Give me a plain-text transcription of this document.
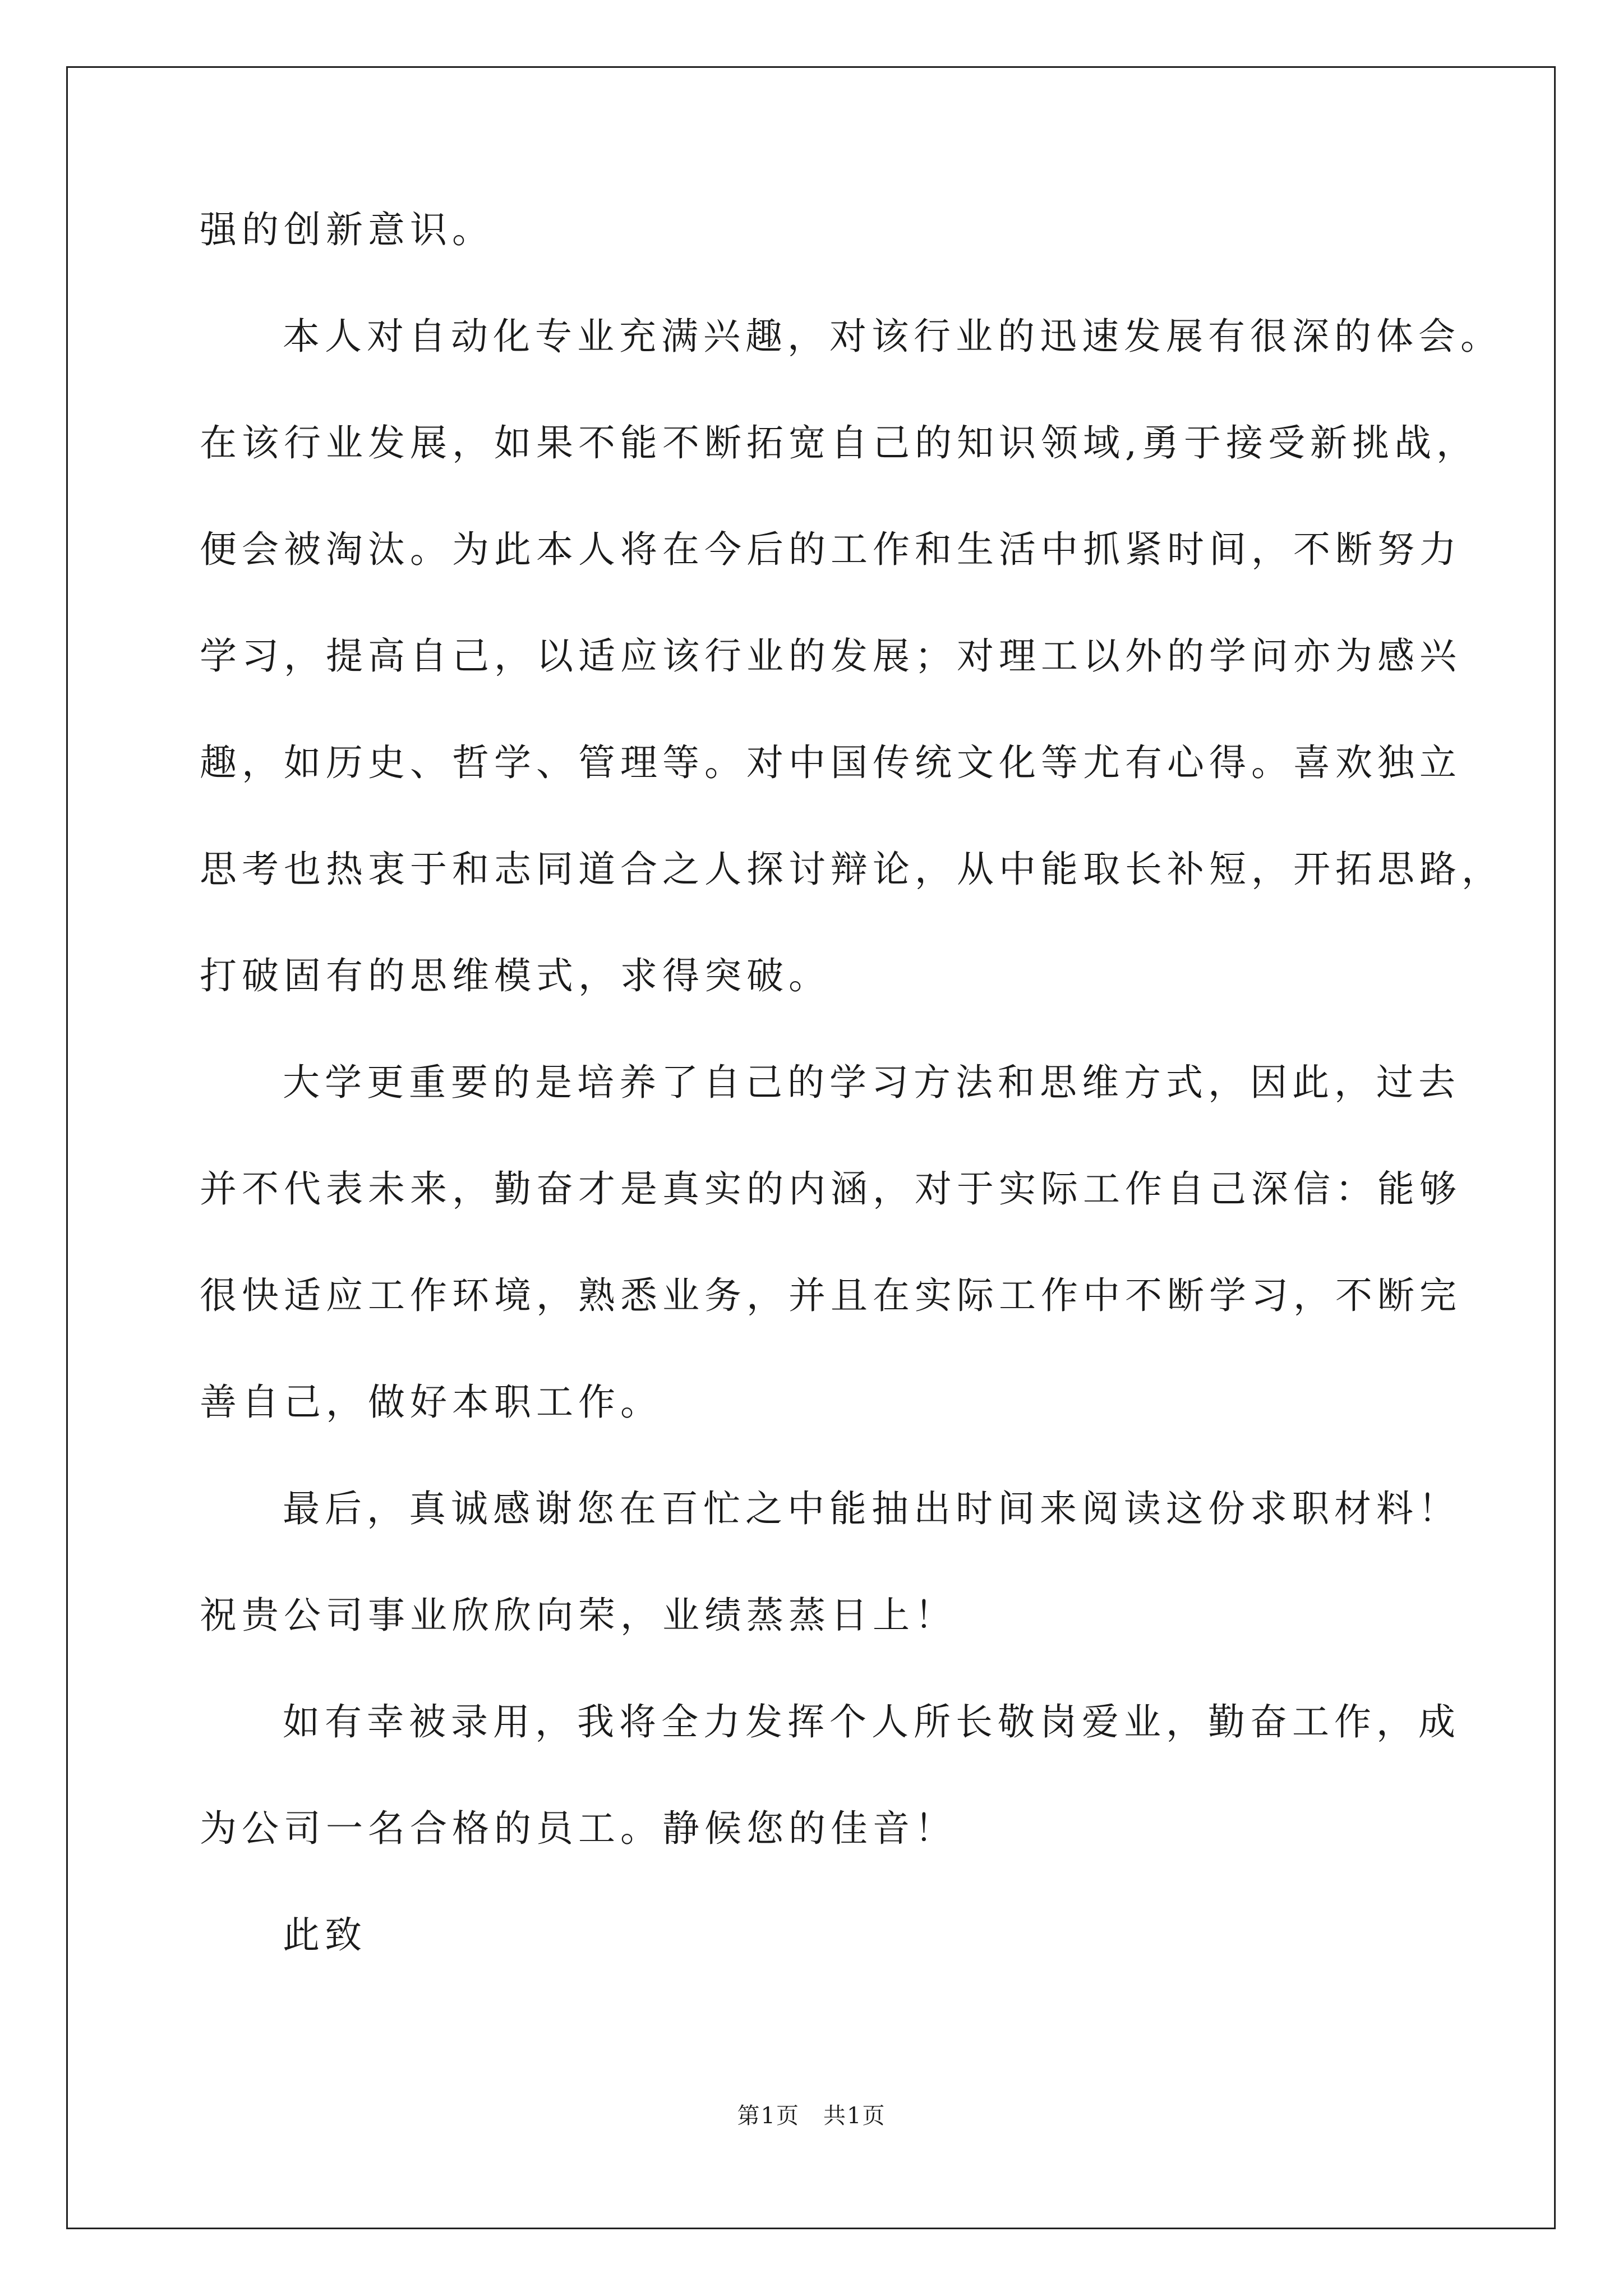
强的创新意识。
本人对自动化专业充满兴趣，对该行业的迅速发展有很深的体会。
在该行业发展，如果不能不断拓宽自己的知识领域,勇于接受新挑战，
便会被淘汰。为此本人将在今后的工作和生活中抓紧时间，不断努力
学习，提高自己，以适应该行业的发展；对理工以外的学问亦为感兴
趣，如历史、哲学、管理等。对中国传统文化等尤有心得。喜欢独立
思考也热衷于和志同道合之人探讨辩论，从中能取长补短，开拓思路，
打破固有的思维模式，求得突破。
大学更重要的是培养了自己的学习方法和思维方式，因此，过去
并不代表未来，勤奋才是真实的内涵，对于实际工作自己深信：能够
很快适应工作环境，熟悉业务，并且在实际工作中不断学习，不断完
善自己，做好本职工作。
最后，真诚感谢您在百忙之中能抽出时间来阅读这份求职材料！
祝贵公司事业欣欣向荣，业绩蒸蒸日上！
如有幸被录用，我将全力发挥个人所长敬岗爱业，勤奋工作，成
为公司一名合格的员工。静候您的佳音！
此致
第1页　共1页
